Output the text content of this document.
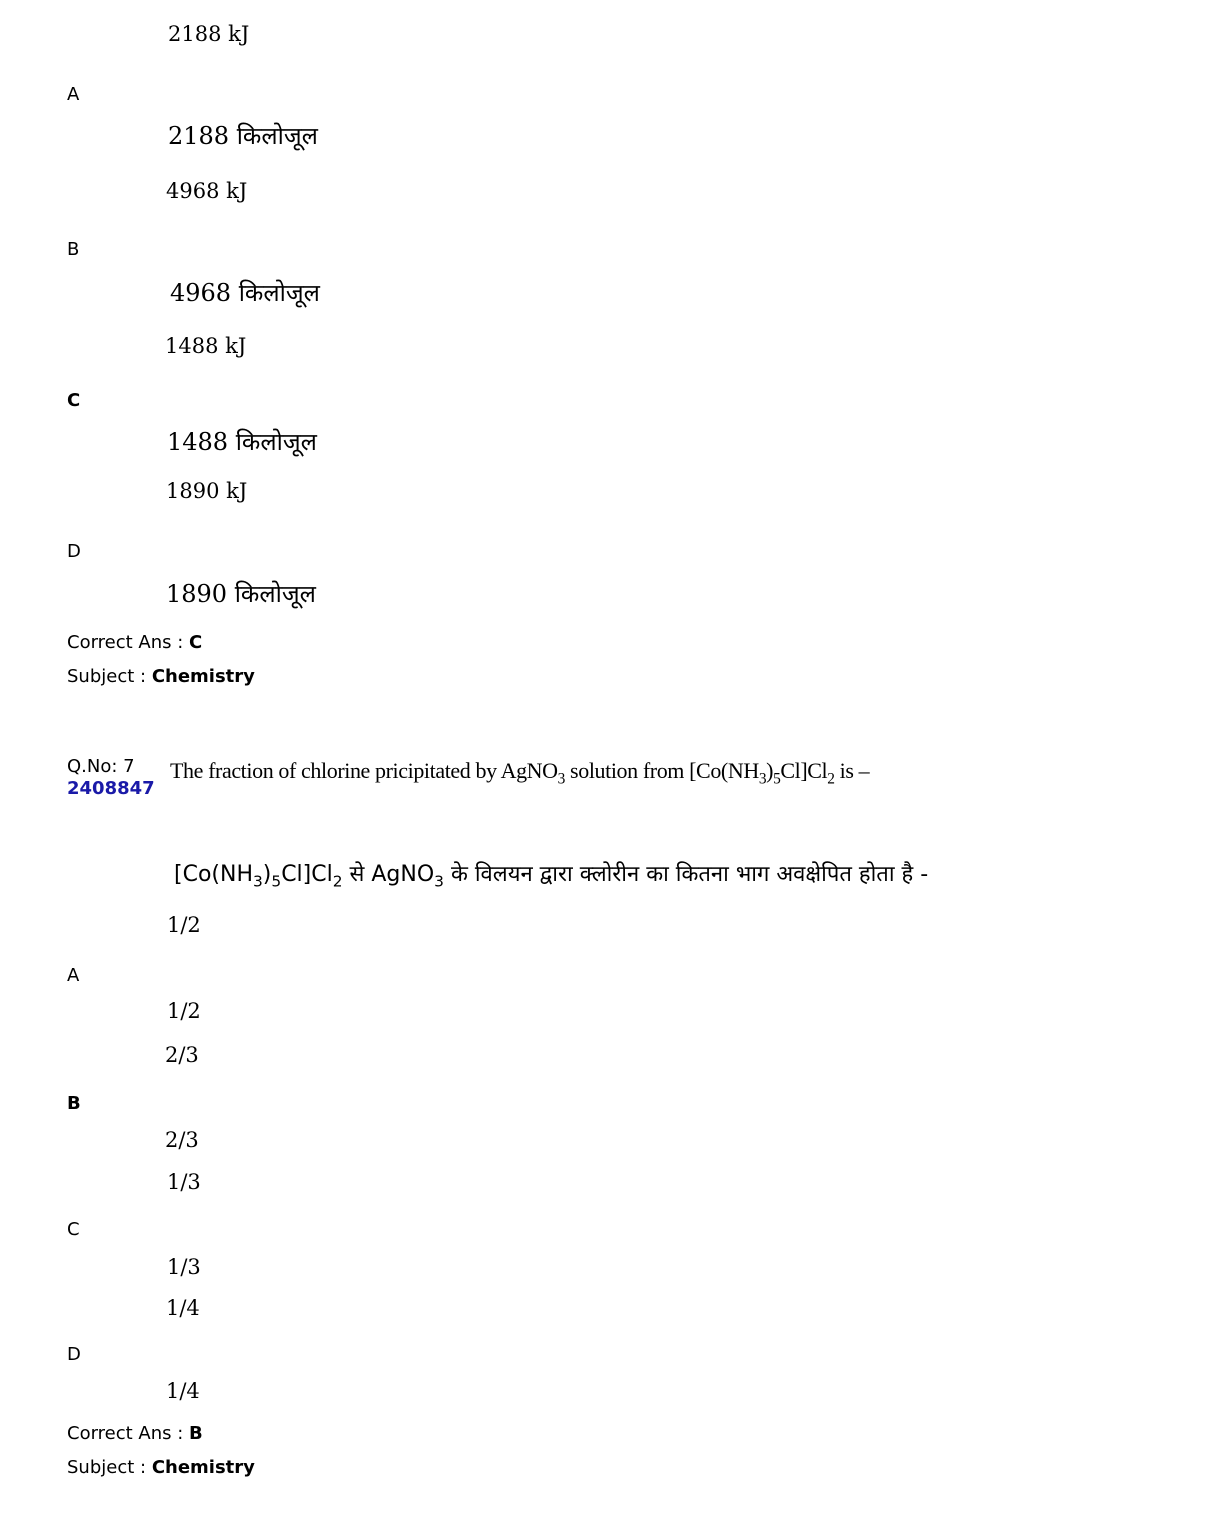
2188 kJ
A
2188 किलोजूल
4968 kJ
B
4968 किलोजूल
1488 kJ
C
1488 किलोजूल
1890 kJ
D
1890 किलोजूल
Correct Ans : C
Subject : Chemistry
Q.No: 7
2408847
The fraction of chlorine pricipitated by AgNO$_3$ solution from $[Co(NH_3)_5Cl]Cl_2$ is –
$[Co(NH_3)_5Cl]Cl_2$ से AgNO$_3$ के विलयन द्वारा क्लोरीन का कितना भाग अवक्षेपित होता है -
1/2
A
1/2
2/3
B
2/3
1/3
C
1/3
1/4
D
1/4
Correct Ans : B
Subject : Chemistry
